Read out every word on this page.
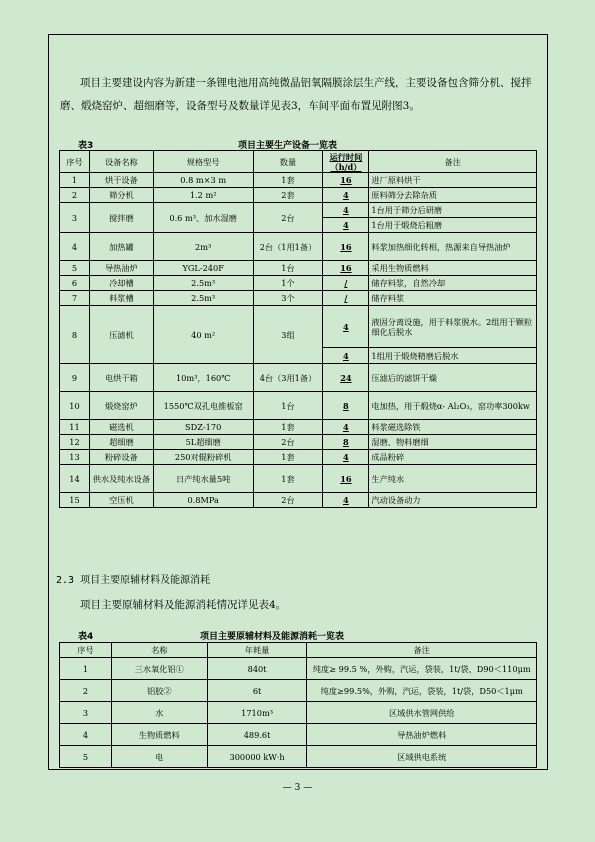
项目主要建设内容为新建一条锂电池用高纯微晶铝氧隔膜涂层生产线，主要设备包含筛分机、搅拌磨、煅烧窑炉、超细磨等，设备型号及数量详见表3，车间平面布置见附图3。
表3	项目主要生产设备一览表
序号	设备名称	规格型号	数量	运行时间（h/d）	备注
1	烘干设备	0.8 m×3 m	1套	16	进厂原料烘干
2	筛分机	1.2 m²	2套	4	原料筛分去除杂质
3	搅拌磨	0.6 m³、加水湿磨	2台	4	1台用于筛分后研磨
				4	1台用于煅烧后粗磨
4	加热罐	2m³	2台（1用1备）	16	料浆加热细化转相，热源来自导热油炉
5	导热油炉	YGL-240F	1台	16	采用生物质燃料
6	冷却槽	2.5m³	1个	/	储存料浆，自然冷却
7	料浆槽	2.5m³	3个	/	储存料浆
8	压滤机	40 m²	3组	4	液固分离设施，用于料浆脱水。2组用于颗粒细化后脱水
				4	1组用于煅烧精磨后脱水
9	电烘干箱	10m³，160℃	4台（3用1备）	24	压滤后的滤饼干燥
10	煅烧窑炉	1550℃双孔电推板窑	1台	8	电加热，用于煅烧α- Al₂O₃，窑功率300kw
11	磁选机	SDZ-170	1套	4	料浆磁选除铁
12	超细磨	5L超细磨	2台	8	湿磨、物料磨细
13	粉碎设备	250对辊粉碎机	1套	4	成品粉碎
14	供水及纯水设备	日产纯水量5吨	1套	16	生产纯水
15	空压机	0.8MPa	2台	4	汽动设备动力
2.3 项目主要原辅材料及能源消耗
项目主要原辅材料及能源消耗情况详见表4。
表4	项目主要原辅材料及能源消耗一览表
序号	名称	年耗量	备注
1	三水氧化铝①	840t	纯度≥ 99.5 %，外购，汽运，袋装，1t/袋，D90＜110μm
2	铝胶②	6t	纯度≥99.5%，外购，汽运，袋装，1t/袋，D50＜1μm
3	水	1710m³	区域供水管网供给
4	生物质燃料	489.6t	导热油炉燃料
5	电	300000 kW·h	区域供电系统
— 3 —
